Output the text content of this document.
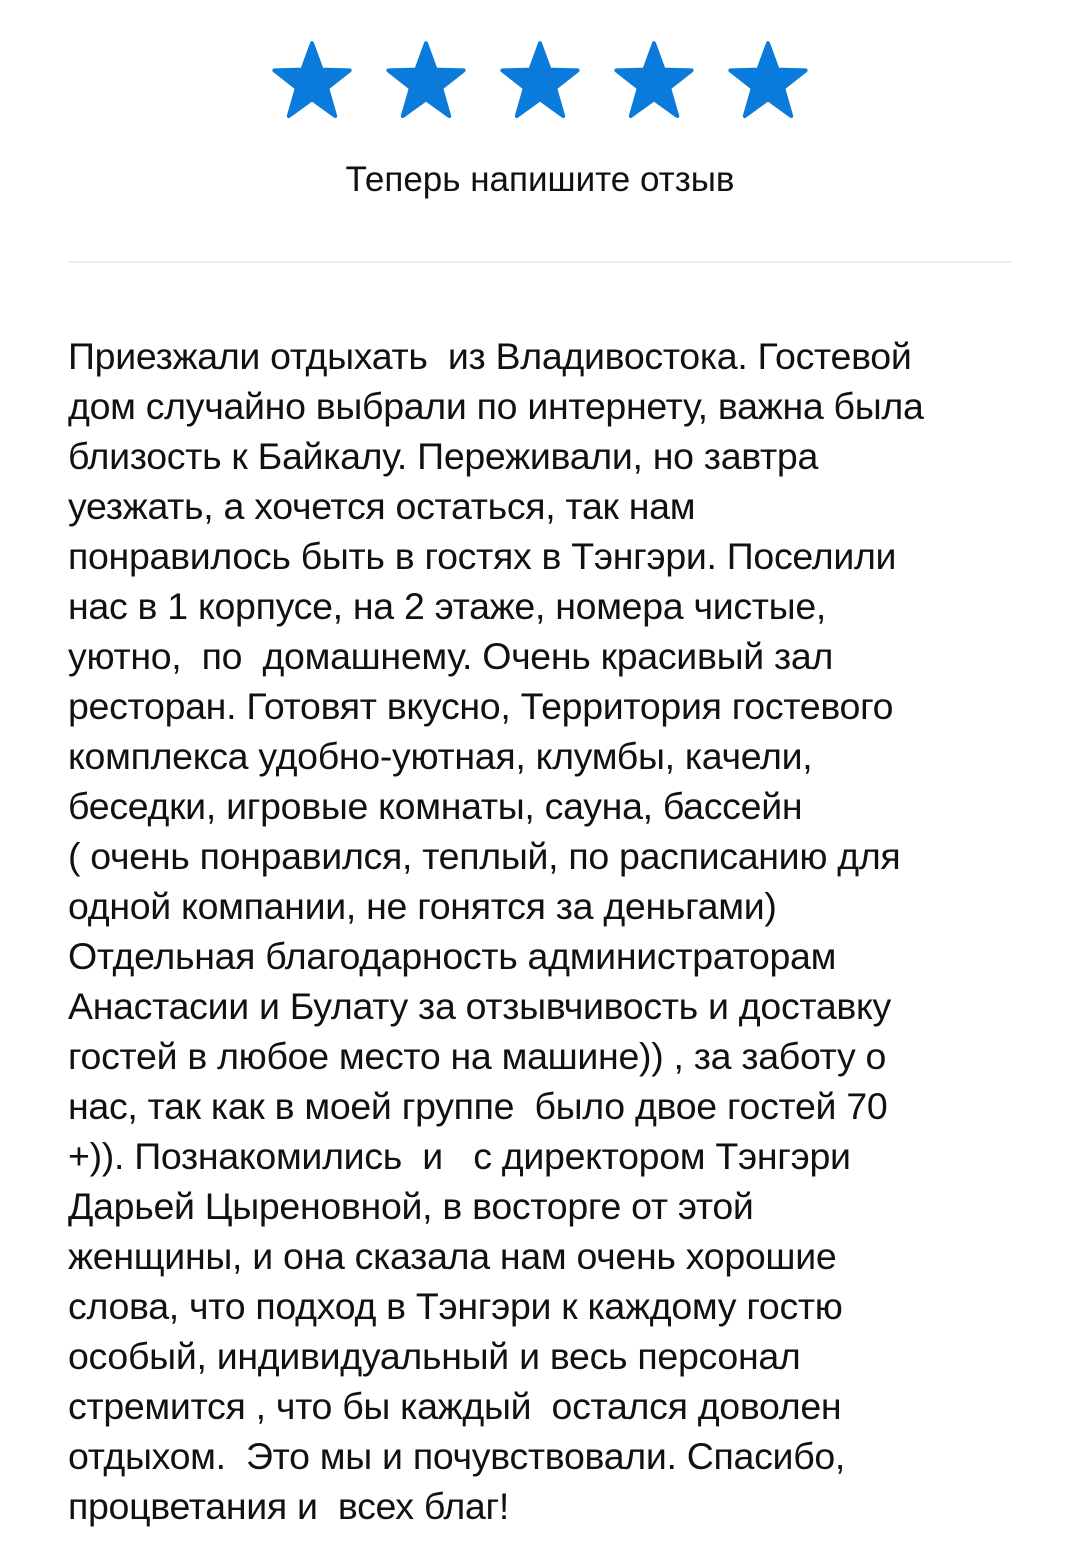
Теперь напишите отзыв
Приезжали отдыхать  из Владивостока. Гостевой
дом случайно выбрали по интернету, важна была
близость к Байкалу. Переживали, но завтра
уезжать, а хочется остаться, так нам
понравилось быть в гостях в Тэнгэри. Поселили
нас в 1 корпусе, на 2 этаже, номера чистые,
уютно,  по  домашнему. Очень красивый зал
ресторан. Готовят вкусно, Территория гостевого
комплекса удобно-уютная, клумбы, качели,
беседки, игровые комнаты, сауна, бассейн
( очень понравился, теплый, по расписанию для
одной компании, не гонятся за деньгами)
Отдельная благодарность администраторам
Анастасии и Булату за отзывчивость и доставку
гостей в любое место на машине)) , за заботу о
нас, так как в моей группе  было двое гостей 70
+)). Познакомились  и   с директором Тэнгэри
Дарьей Цыреновной, в восторге от этой
женщины, и она сказала нам очень хорошие
слова, что подход в Тэнгэри к каждому гостю
особый, индивидуальный и весь персонал
стремится , что бы каждый  остался доволен
отдыхом.  Это мы и почувствовали. Спасибо,
процветания и  всех благ!
